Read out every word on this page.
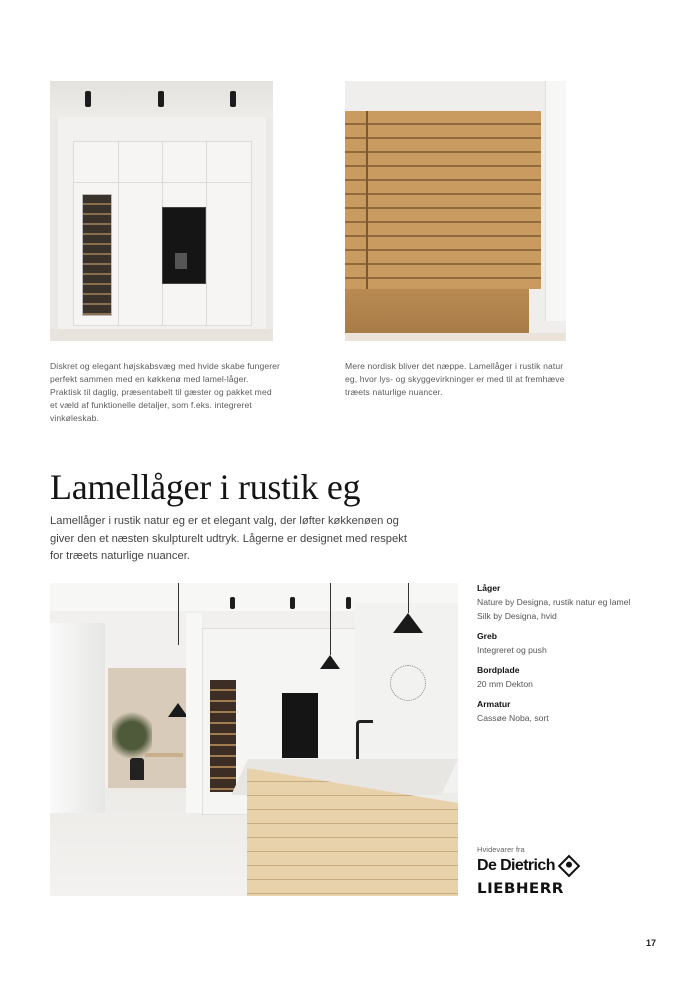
Diskret og elegant højskabsvæg med hvide skabe fungerer perfekt sammen med en køkkenø med lamel-låger. Praktisk til daglig, præsentabelt til gæster og pakket med et væld af funktionelle detaljer, som f.eks. integreret vinkøleskab.
Mere nordisk bliver det næppe. Lamellåger i rustik natur eg, hvor lys- og skyggevirkninger er med til at fremhæve træets naturlige nuancer.
Lamellåger i rustik eg
Lamellåger i rustik natur eg er et elegant valg, der løfter køkkenøen og giver den et næsten skulpturelt udtryk. Lågerne er designet med respekt for træets naturlige nuancer.
Låger
Nature by Designa, rustik natur eg lamel
Silk by Designa, hvid
Greb
Integreret og push
Bordplade
20 mm Dekton
Armatur
Cassøe Noba, sort
Hvidevarer fra
De Dietrich
LIEBHERR
17
